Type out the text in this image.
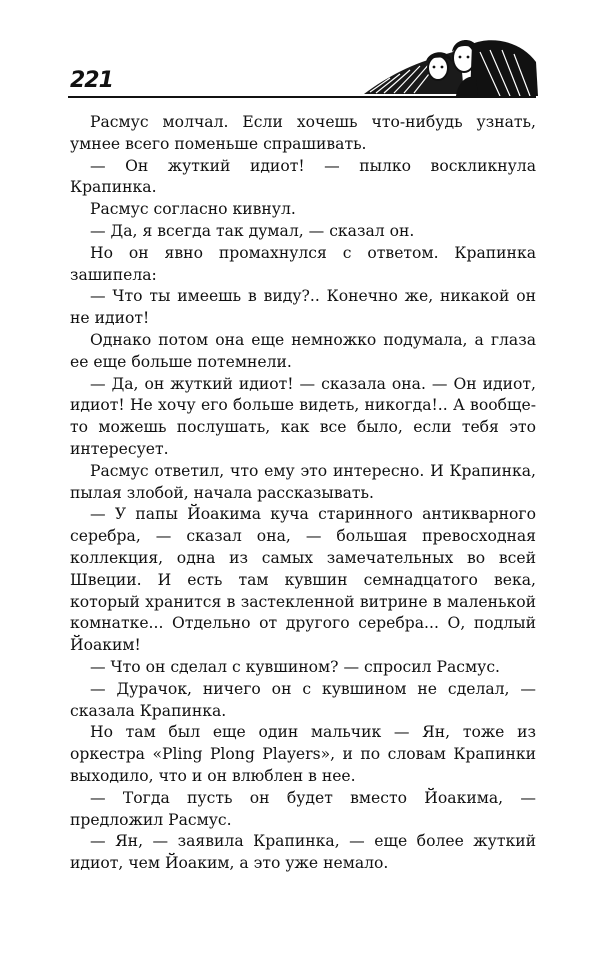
221

Расмус молчал. Если хочешь что-нибудь узнать, умнее всего поменьше спрашивать.

— Он жуткий идиот! — пылко воскликнула Крапинка.

Расмус согласно кивнул.

— Да, я всегда так думал, — сказал он.

Но он явно промахнулся с ответом. Крапинка зашипела:

— Что ты имеешь в виду?.. Конечно же, никакой он не идиот!

Однако потом она еще немножко подумала, а глаза ее еще больше потемнели.

— Да, он жуткий идиот! — сказала она. — Он идиот, идиот! Не хочу его больше видеть, никогда!.. А вообще-то можешь послушать, как все было, если тебя это интересует.

Расмус ответил, что ему это интересно. И Крапинка, пылая злобой, начала рассказывать.

— У папы Йоакима куча старинного антикварного серебра, — сказал она, — большая превосходная коллекция, одна из самых замечательных во всей Швеции. И есть там кувшин семнадцатого века, который хранится в застекленной витрине в маленькой комнатке... Отдельно от другого серебра... О, подлый Йоаким!

— Что он сделал с кувшином? — спросил Расмус.

— Дурачок, ничего он с кувшином не сделал, — сказала Крапинка.

Но там был еще один мальчик — Ян, тоже из оркестра «Pling Plong Players», и по словам Крапинки выходило, что и он влюблен в нее.

— Тогда пусть он будет вместо Йоакима, — предложил Расмус.

— Ян, — заявила Крапинка, — еще более жуткий идиот, чем Йоаким, а это уже немало.
